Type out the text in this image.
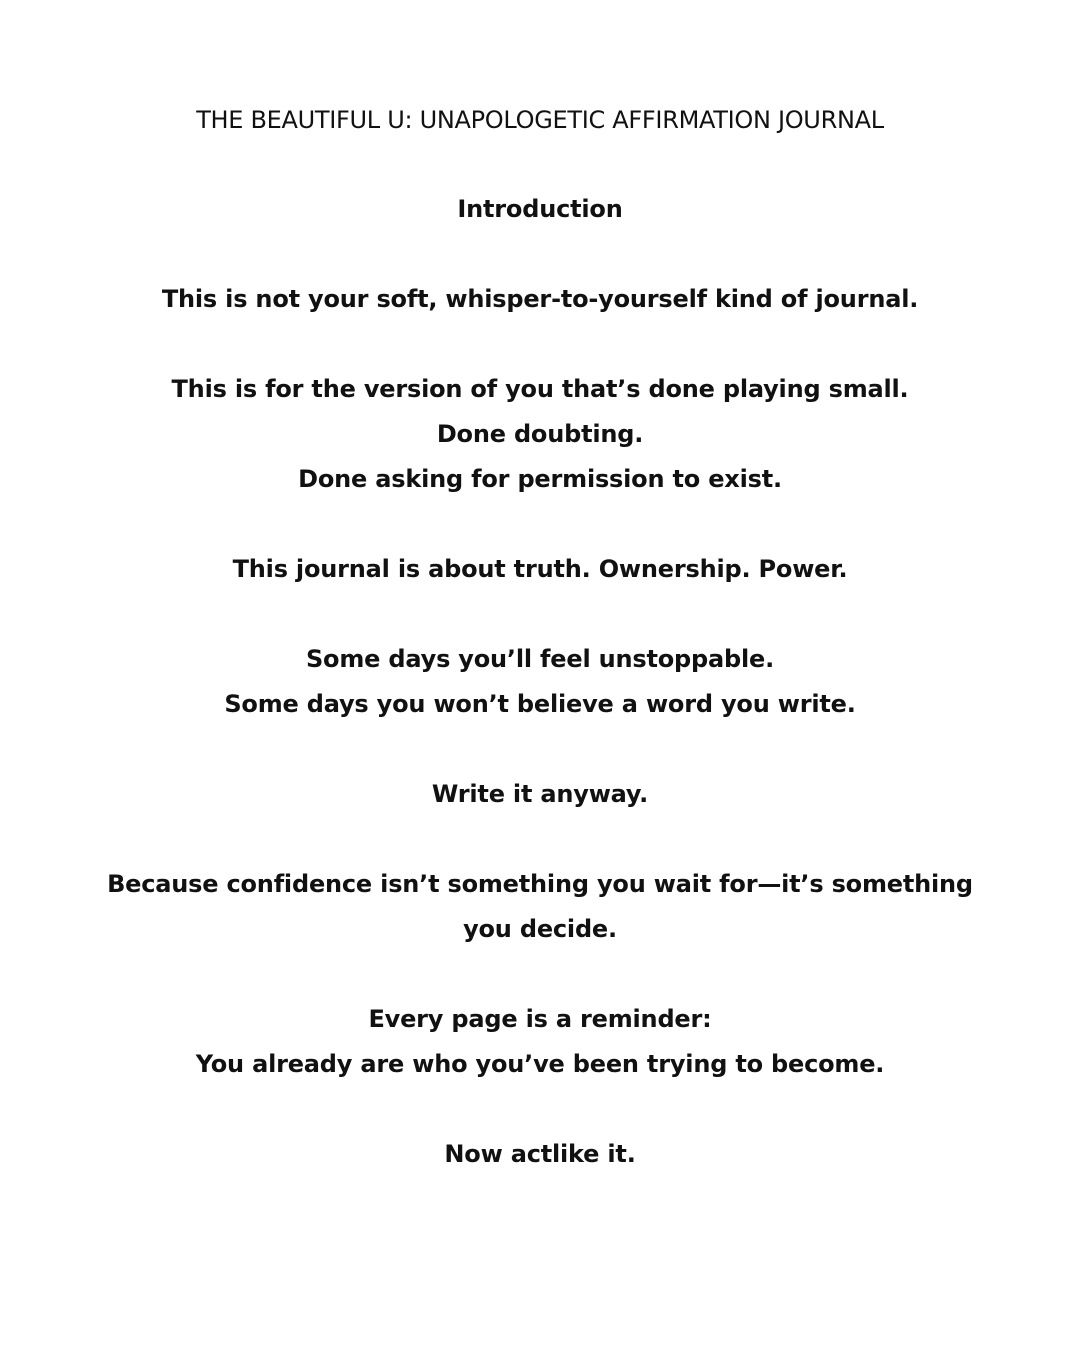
THE BEAUTIFUL U: UNAPOLOGETIC AFFIRMATION JOURNAL
Introduction
This is not your soft, whisper-to-yourself kind of journal.
This is for the version of you that’s done playing small.
Done doubting.
Done asking for permission to exist.
This journal is about truth. Ownership. Power.
Some days you’ll feel unstoppable.
Some days you won’t believe a word you write.
Write it anyway.
Because confidence isn’t something you wait for—it’s something
you decide.
Every page is a reminder:
You already are who you’ve been trying to become.
Now actlike it.
